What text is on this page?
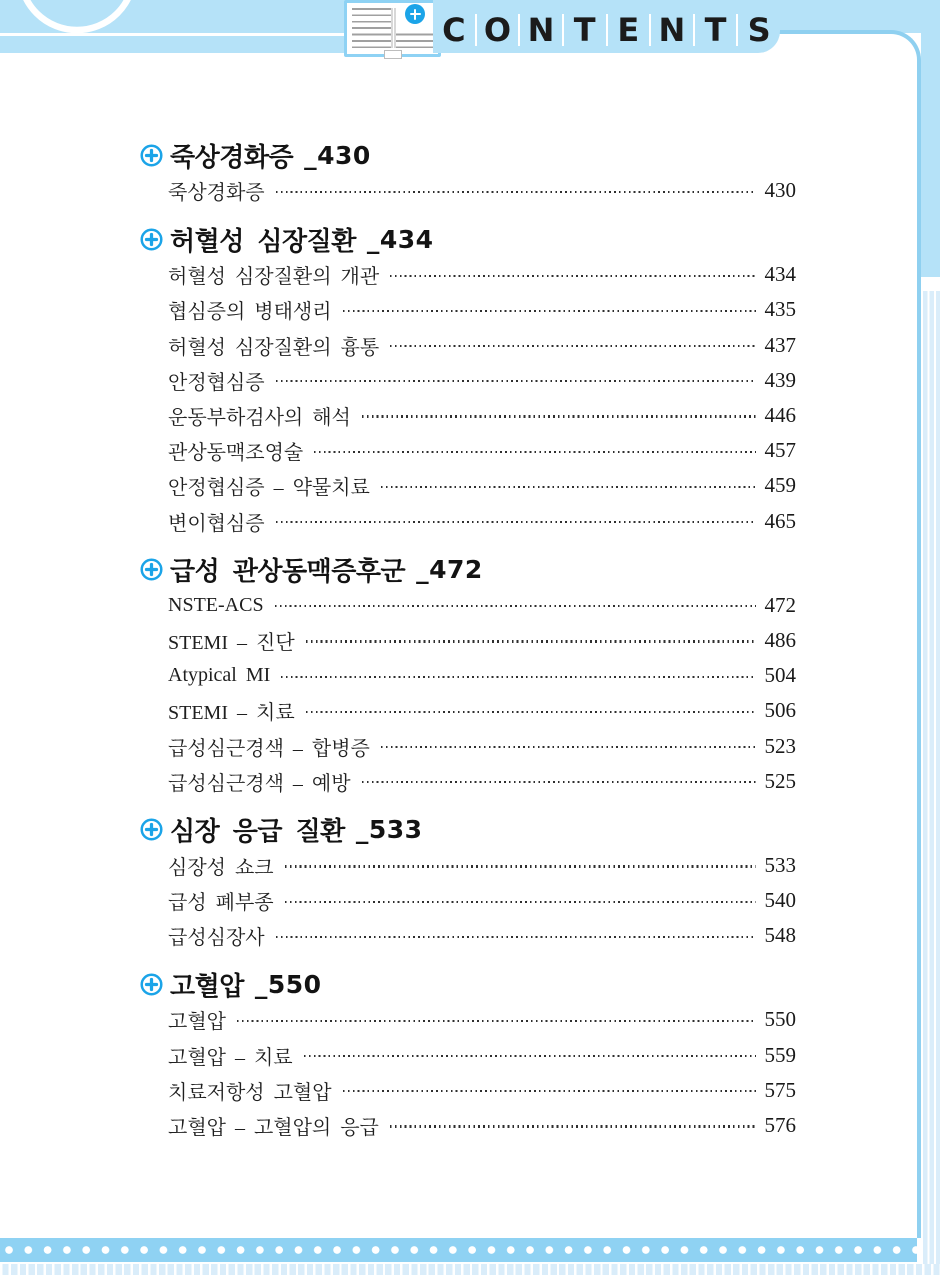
C O N T E N T S
죽상경화증 _430
죽상경화증	430
허혈성 심장질환 _434
허혈성 심장질환의 개관	434
협심증의 병태생리	435
허혈성 심장질환의 흉통	437
안정협심증	439
운동부하검사의 해석	446
관상동맥조영술	457
안정협심증 – 약물치료	459
변이협심증	465
급성 관상동맥증후군 _472
NSTE-ACS	472
STEMI – 진단	486
Atypical MI	504
STEMI – 치료	506
급성심근경색 – 합병증	523
급성심근경색 – 예방	525
심장 응급 질환 _533
심장성 쇼크	533
급성 폐부종	540
급성심장사	548
고혈압 _550
고혈압	550
고혈압 – 치료	559
치료저항성 고혈압	575
고혈압 – 고혈압의 응급	576
